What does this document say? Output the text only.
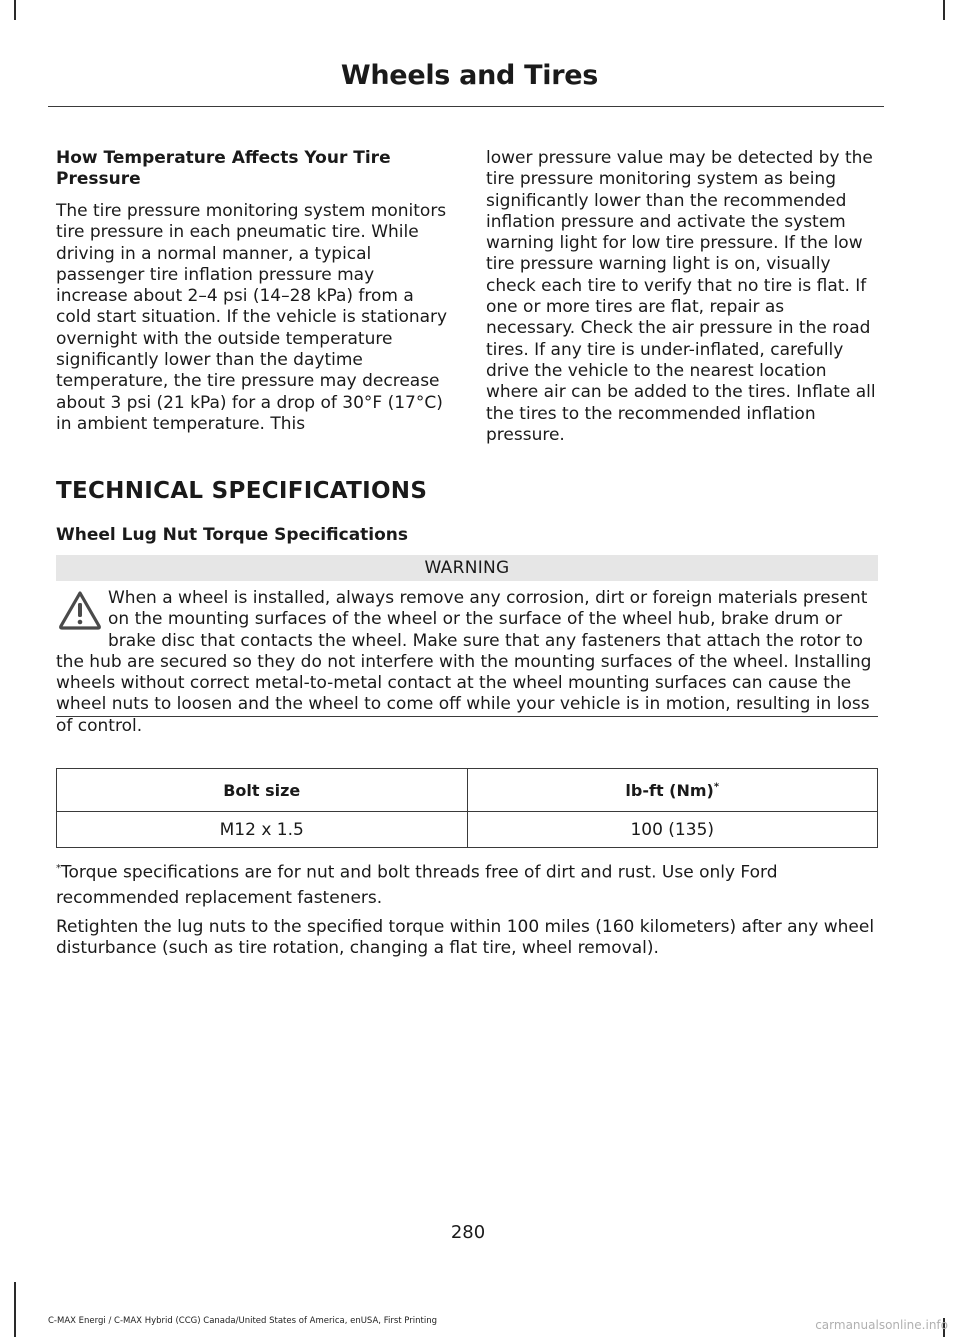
Wheels and Tires
How Temperature Affects Your Tire Pressure

The tire pressure monitoring system monitors tire pressure in each pneumatic tire. While driving in a normal manner, a typical passenger tire inflation pressure may increase about 2–4 psi (14–28 kPa) from a cold start situation. If the vehicle is stationary overnight with the outside temperature significantly lower than the daytime temperature, the tire pressure may decrease about 3 psi (21 kPa) for a drop of 30°F (17°C) in ambient temperature. This

lower pressure value may be detected by the tire pressure monitoring system as being significantly lower than the recommended inflation pressure and activate the system warning light for low tire pressure. If the low tire pressure warning light is on, visually check each tire to verify that no tire is flat. If one or more tires are flat, repair as necessary. Check the air pressure in the road tires. If any tire is under-inflated, carefully drive the vehicle to the nearest location where air can be added to the tires. Inflate all the tires to the recommended inflation pressure.

TECHNICAL SPECIFICATIONS
Wheel Lug Nut Torque Specifications
WARNING
When a wheel is installed, always remove any corrosion, dirt or foreign materials present on the mounting surfaces of the wheel or the surface of the wheel hub, brake drum or brake disc that contacts the wheel. Make sure that any fasteners that attach the rotor to the hub are secured so they do not interfere with the mounting surfaces of the wheel. Installing wheels without correct metal-to-metal contact at the wheel mounting surfaces can cause the wheel nuts to loosen and the wheel to come off while your vehicle is in motion, resulting in loss of control.
Bolt size	lb-ft (Nm)*
M12 x 1.5	100 (135)

*Torque specifications are for nut and bolt threads free of dirt and rust. Use only Ford recommended replacement fasteners.

Retighten the lug nuts to the specified torque within 100 miles (160 kilometers) after any wheel disturbance (such as tire rotation, changing a flat tire, wheel removal).

280
C-MAX Energi / C-MAX Hybrid (CCG) Canada/United States of America, enUSA, First Printing	carmanualsonline.info
